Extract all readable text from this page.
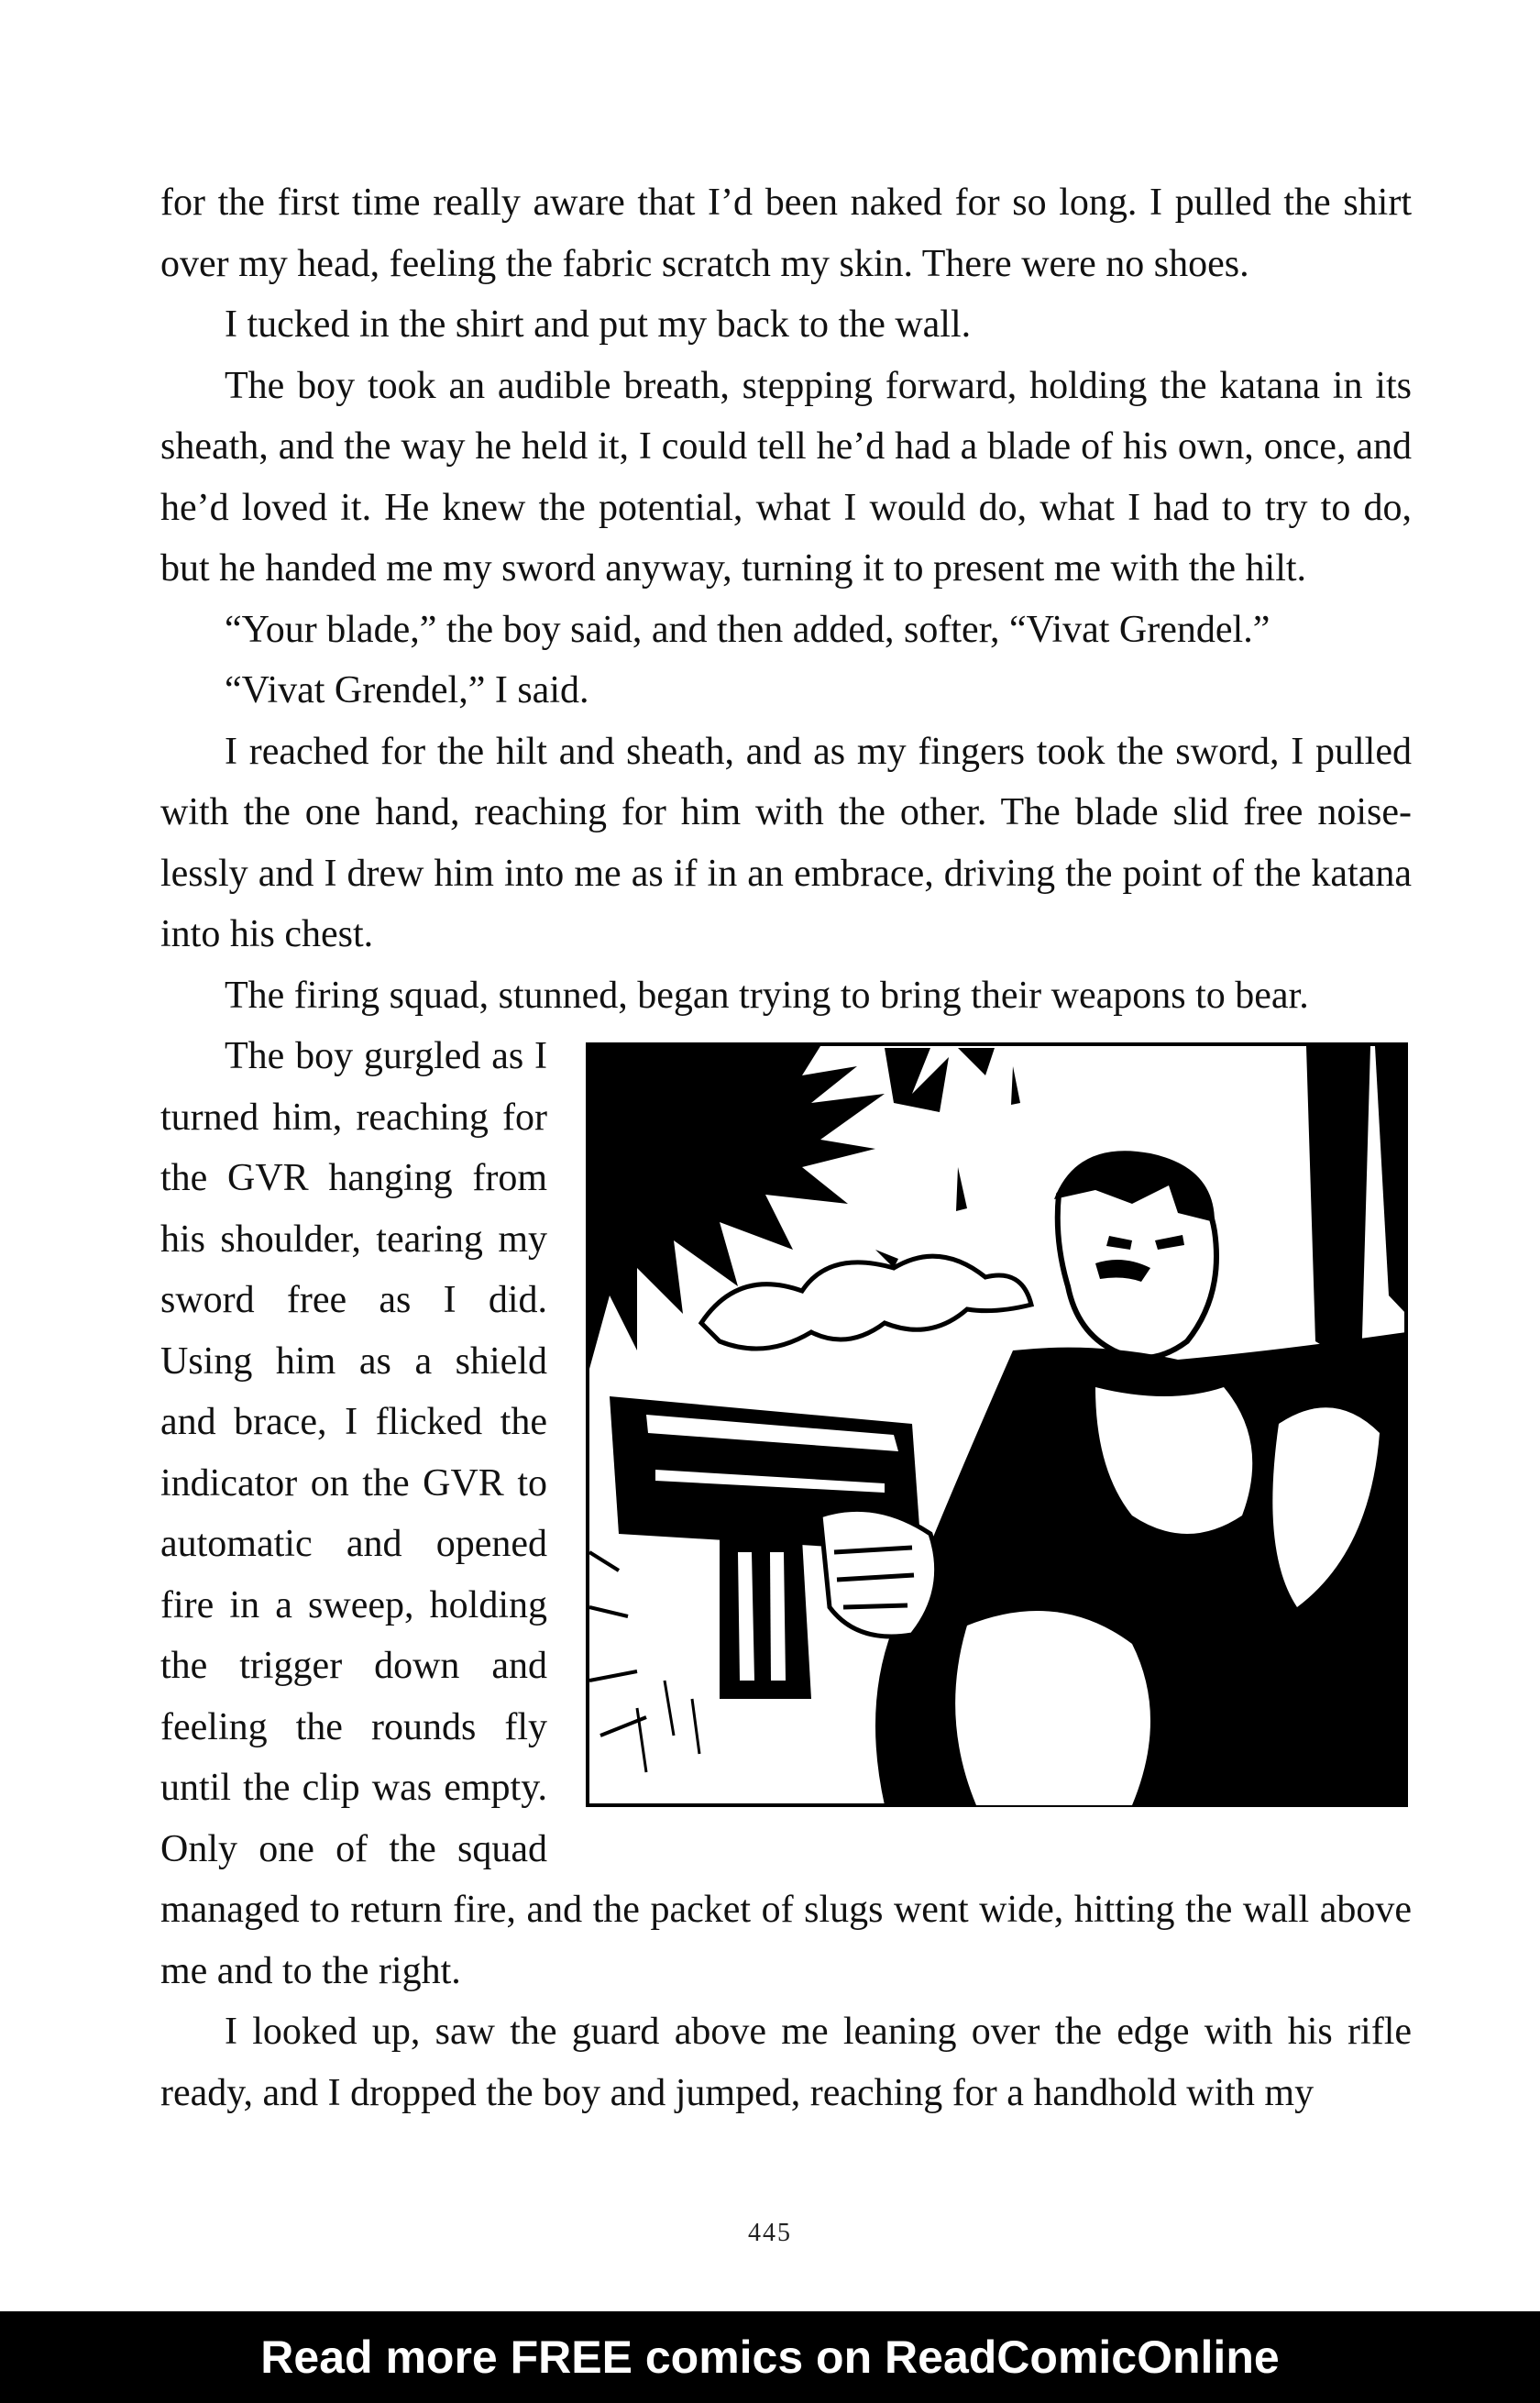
for the first time really aware that I’d been naked for so long. I pulled the shirt over my head, feeling the fabric scratch my skin. There were no shoes.

I tucked in the shirt and put my back to the wall.

The boy took an audible breath, stepping forward, holding the katana in its sheath, and the way he held it, I could tell he’d had a blade of his own, once, and he’d loved it. He knew the potential, what I would do, what I had to try to do, but he handed me my sword anyway, turning it to present me with the hilt.

“Your blade,” the boy said, and then added, softer, “Vivat Grendel.”

“Vivat Grendel,” I said.

I reached for the hilt and sheath, and as my fingers took the sword, I pulled with the one hand, reaching for him with the other. The blade slid free noiselessly and I drew him into me as if in an embrace, driving the point of the katana into his chest.

The firing squad, stunned, began trying to bring their weapons to bear.

The boy gurgled as I turned him, reaching for the GVR hanging from his shoulder, tearing my sword free as I did. Using him as a shield and brace, I flicked the indicator on the GVR to automatic and opened fire in a sweep, holding the trigger down and feeling the rounds fly until the clip was empty. Only one of the squad managed to return fire, and the packet of slugs went wide, hitting the wall above me and to the right.

I looked up, saw the guard above me leaning over the edge with his rifle ready, and I dropped the boy and jumped, reaching for a handhold with my

445
Read more FREE comics on ReadComicOnline
